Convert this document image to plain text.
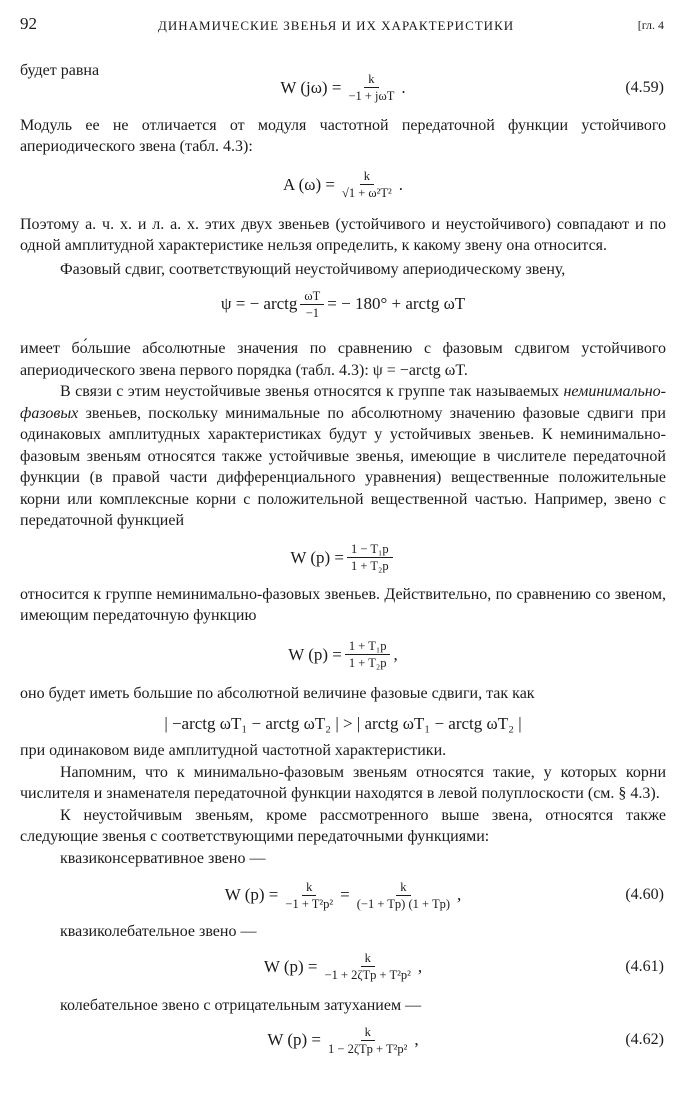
92	ДИНАМИЧЕСКИЕ ЗВЕНЬЯ И ИХ ХАРАКТЕРИСТИКИ	[гл. 4

будет равна

W $(j\omega) = \frac{k}{\text{−1 + jωT}}$ .	(4.59)

Модуль ее не отличается от модуля частотной передаточной функции устойчивого апериодического звена (табл. 4.3):

A $(\omega) = \frac{k}{\text{√1 + ω²T²}}$ .

Поэтому а. ч. х. и л. а. х. этих двух звеньев (устойчивого и неустойчивого) совпадают и по одной амплитудной характеристике нельзя определить, к какому звену она относится.

Фазовый сдвиг, соответствующий неустойчивому апериодическому звену,

ψ = − arctg $\frac{\omega T}{-1}$ = − 180° + arctg ωT

имеет бо́льшие абсолютные значения по сравнению с фазовым сдвигом устойчивого апериодического звена первого порядка (табл. 4.3): ψ = −arctg ωT.

В связи с этим неустойчивые звенья относятся к группе так называемых неминимально-фазовых звеньев, поскольку минимальные по абсолютному значению фазовые сдвиги при одинаковых амплитудных характеристиках будут у устойчивых звеньев. К неминимально-фазовым звеньям относятся также устойчивые звенья, имеющие в числителе передаточной функции (в правой части дифференциального уравнения) вещественные положительные корни или комплексные корни с положительной вещественной частью. Например, звено с передаточной функцией

W $(p) = \frac{\text{1 − T₁p}}{\text{1 + T₂p}}$

относится к группе неминимально-фазовых звеньев. Действительно, по сравнению со звеном, имеющим передаточную функцию

W $(p) = \frac{\text{1 + T₁p}}{\text{1 + T₂p}}$ ,

оно будет иметь большие по абсолютной величине фазовые сдвиги, так как

| −arctg ωT₁ − arctg ωT₂ | > | arctg ωT₁ − arctg ωT₂ |

при одинаковом виде амплитудной частотной характеристики.

Напомним, что к минимально-фазовым звеньям относятся такие, у которых корни числителя и знаменателя передаточной функции находятся в левой полуплоскости (см. § 4.3).

К неустойчивым звеньям, кроме рассмотренного выше звена, относятся также следующие звенья с соответствующими передаточными функциями:

квазиконсервативное звено —

W $(p) = \frac{k}{\text{−1 + T²p²}} = \frac{k}{(-1 + Tp) (1 + Tp)}$ ,	(4.60)

квазиколебательное звено —

W $(p) = \frac{k}{\text{−1 + 2ζTp + T²p²}}$ ,	(4.61)

колебательное звено с отрицательным затуханием —

W $(p) = \frac{k}{\text{1 − 2ζTp + T²p²}}$ ,	(4.62)
